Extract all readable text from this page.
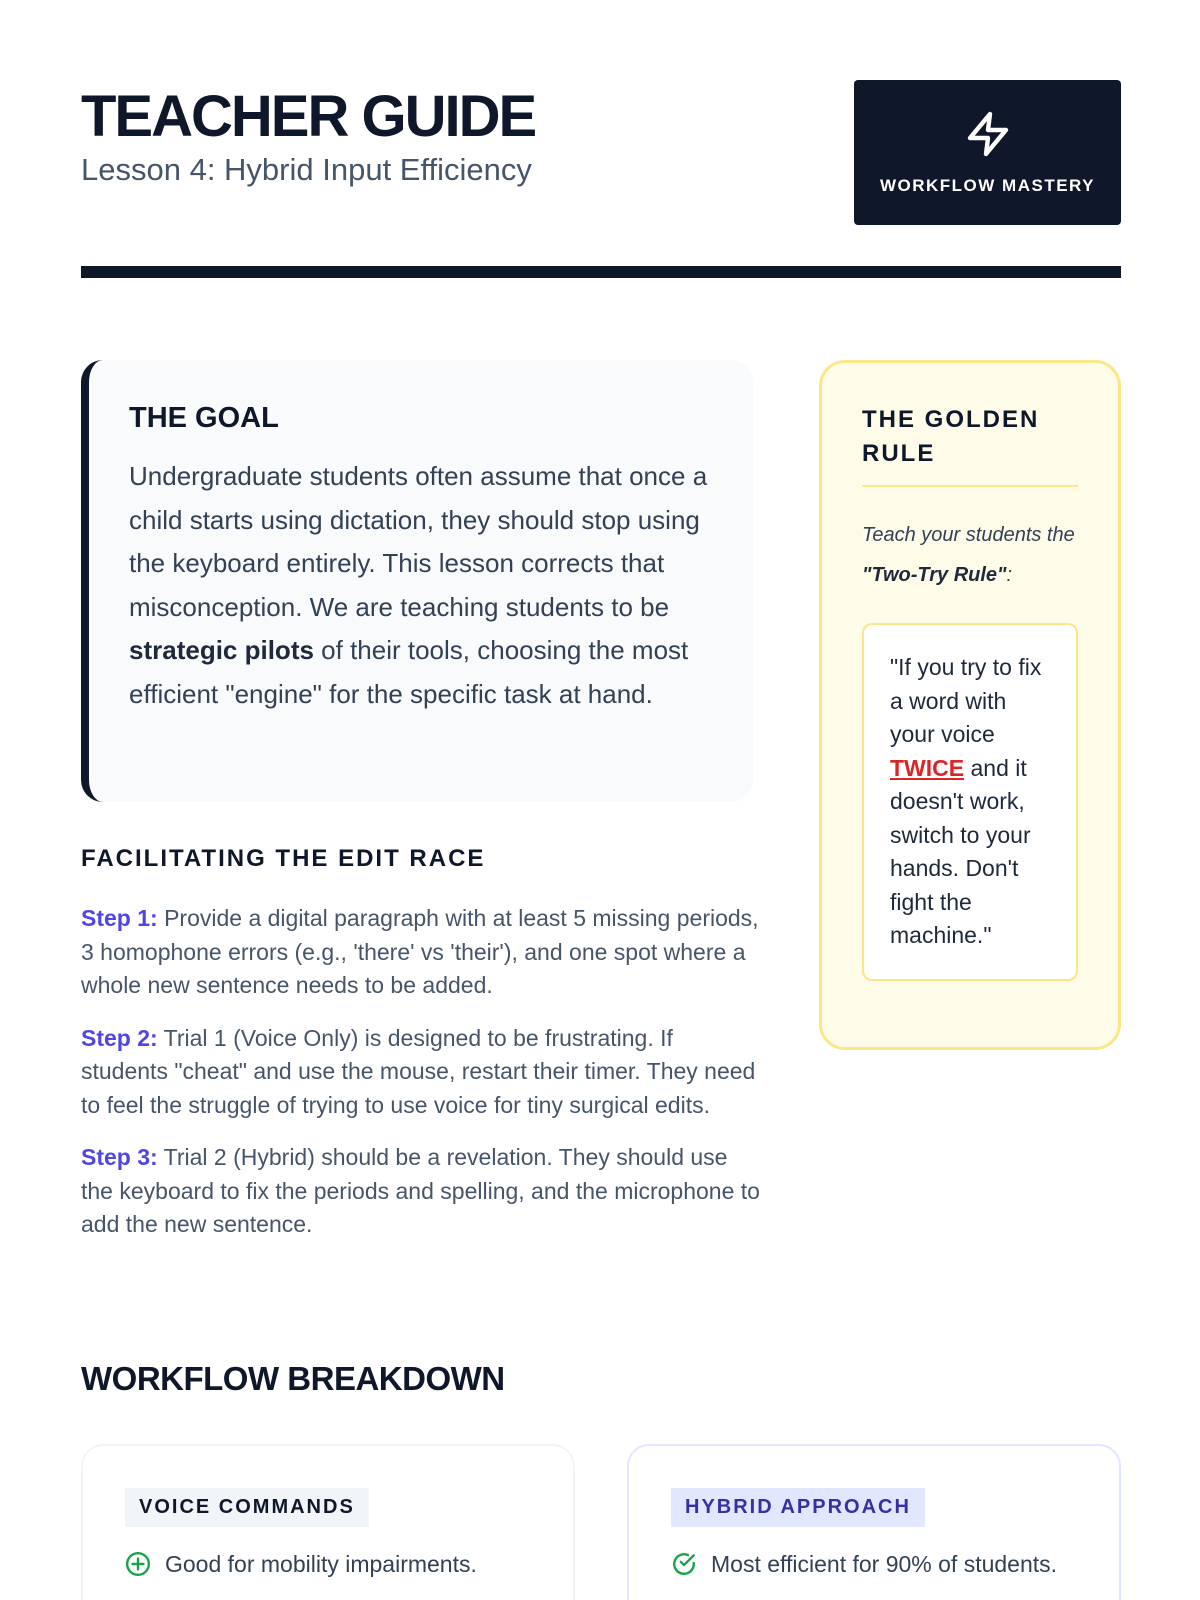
TEACHER GUIDE
Lesson 4: Hybrid Input Efficiency	WORKFLOW MASTERY
THE GOAL

Undergraduate students often assume that once a child starts using dictation, they should stop using the keyboard entirely. This lesson corrects that misconception. We are teaching students to be strategic pilots of their tools, choosing the most efficient "engine" for the specific task at hand.

THE GOLDEN RULE

Teach your students the "Two-Try Rule":

"If you try to fix a word with your voice TWICE and it doesn't work, switch to your hands. Don't fight the machine."
FACILITATING THE EDIT RACE

Step 1: Provide a digital paragraph with at least 5 missing periods, 3 homophone errors (e.g., 'there' vs 'their'), and one spot where a whole new sentence needs to be added.

Step 2: Trial 1 (Voice Only) is designed to be frustrating. If students "cheat" and use the mouse, restart their timer. They need to feel the struggle of trying to use voice for tiny surgical edits.

Step 3: Trial 2 (Hybrid) should be a revelation. They should use the keyboard to fix the periods and spelling, and the microphone to add the new sentence.

WORKFLOW BREAKDOWN
VOICE COMMANDS
Good for mobility impairments.
HYBRID APPROACH
Most efficient for 90% of students.
